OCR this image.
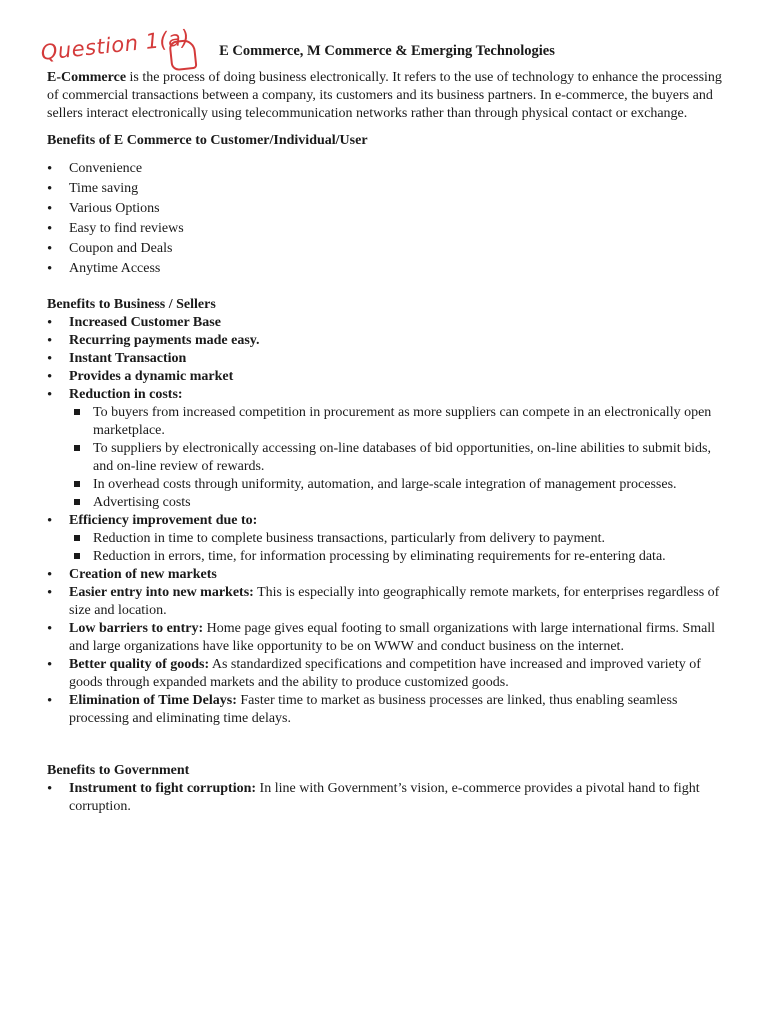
Question 1(a)	E Commerce, M Commerce & Emerging Technologies

E-Commerce is the process of doing business electronically. It refers to the use of technology to enhance the processing of commercial transactions between a company, its customers and its business partners. In e-commerce, the buyers and sellers interact electronically using telecommunication networks rather than through physical contact or exchange.

Benefits of E Commerce to Customer/Individual/User
• Convenience
• Time saving
• Various Options
• Easy to find reviews
• Coupon and Deals
• Anytime Access
Benefits to Business / Sellers
• Increased Customer Base
• Recurring payments made easy.
• Instant Transaction
• Provides a dynamic market
• Reduction in costs:
To buyers from increased competition in procurement as more suppliers can compete in an electronically open marketplace.
To suppliers by electronically accessing on-line databases of bid opportunities, on-line abilities to submit bids, and on-line review of rewards.
In overhead costs through uniformity, automation, and large-scale integration of management processes.
Advertising costs
• Efficiency improvement due to:
Reduction in time to complete business transactions, particularly from delivery to payment.
Reduction in errors, time, for information processing by eliminating requirements for re-entering data.
• Creation of new markets
• Easier entry into new markets: This is especially into geographically remote markets, for enterprises regardless of size and location.
• Low barriers to entry: Home page gives equal footing to small organizations with large international firms. Small and large organizations have like opportunity to be on WWW and conduct business on the internet.
• Better quality of goods: As standardized specifications and competition have increased and improved variety of goods through expanded markets and the ability to produce customized goods.
• Elimination of Time Delays: Faster time to market as business processes are linked, thus enabling seamless processing and eliminating time delays.
Benefits to Government
• Instrument to fight corruption: In line with Government’s vision, e-commerce provides a pivotal hand to fight corruption.
